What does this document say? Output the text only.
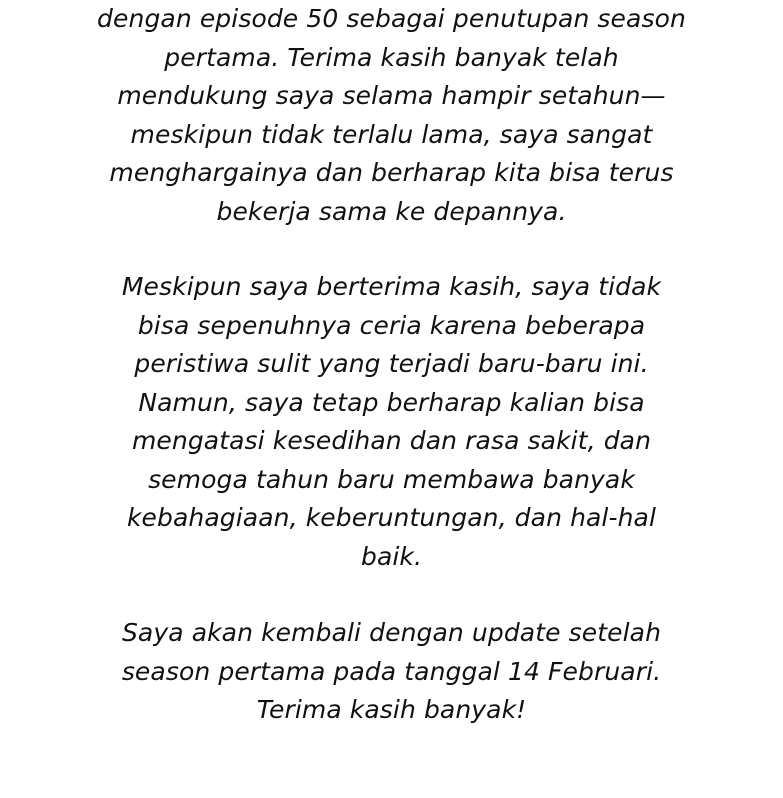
dengan episode 50 sebagai penutupan season
pertama. Terima kasih banyak telah
mendukung saya selama hampir setahun—
meskipun tidak terlalu lama, saya sangat
menghargainya dan berharap kita bisa terus
bekerja sama ke depannya.

Meskipun saya berterima kasih, saya tidak
bisa sepenuhnya ceria karena beberapa
peristiwa sulit yang terjadi baru-baru ini.
Namun, saya tetap berharap kalian bisa
mengatasi kesedihan dan rasa sakit, dan
semoga tahun baru membawa banyak
kebahagiaan, keberuntungan, dan hal-hal
baik.

Saya akan kembali dengan update setelah
season pertama pada tanggal 14 Februari.
Terima kasih banyak!
